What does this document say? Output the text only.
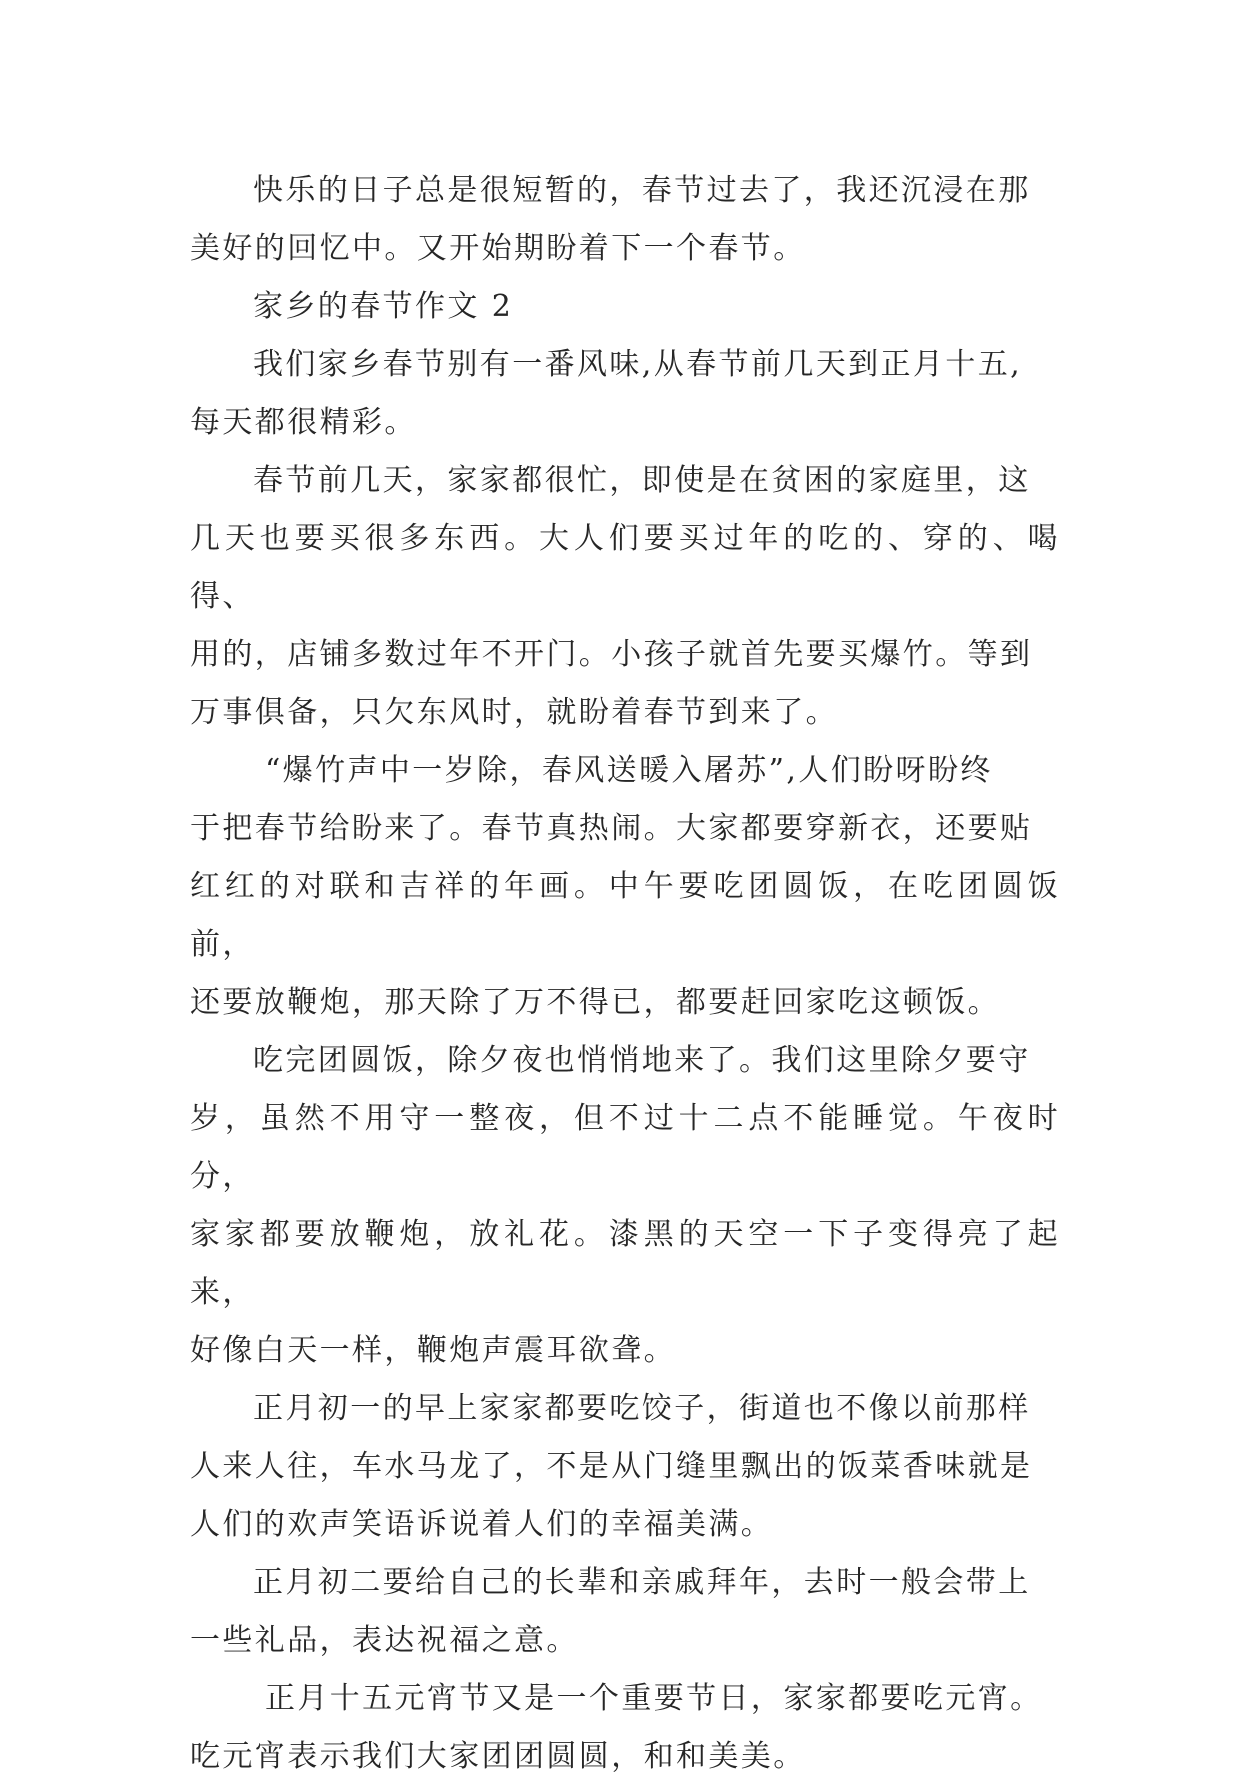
快乐的日子总是很短暂的，春节过去了，我还沉浸在那
美好的回忆中。又开始期盼着下一个春节。

家乡的春节作文 2

我们家乡春节别有一番风味,从春节前几天到正月十五,
每天都很精彩。

春节前几天，家家都很忙，即使是在贫困的家庭里，这
几天也要买很多东西。大人们要买过年的吃的、穿的、喝得、
用的，店铺多数过年不开门。小孩子就首先要买爆竹。等到
万事俱备，只欠东风时，就盼着春节到来了。

“爆竹声中一岁除，春风送暖入屠苏”,人们盼呀盼终
于把春节给盼来了。春节真热闹。大家都要穿新衣，还要贴
红红的对联和吉祥的年画。中午要吃团圆饭，在吃团圆饭前，
还要放鞭炮，那天除了万不得已，都要赶回家吃这顿饭。

吃完团圆饭，除夕夜也悄悄地来了。我们这里除夕要守
岁，虽然不用守一整夜，但不过十二点不能睡觉。午夜时分，
家家都要放鞭炮，放礼花。漆黑的天空一下子变得亮了起来，
好像白天一样，鞭炮声震耳欲聋。

正月初一的早上家家都要吃饺子，街道也不像以前那样
人来人往，车水马龙了，不是从门缝里飘出的饭菜香味就是
人们的欢声笑语诉说着人们的幸福美满。

正月初二要给自己的长辈和亲戚拜年，去时一般会带上
一些礼品，表达祝福之意。

正月十五元宵节又是一个重要节日，家家都要吃元宵。
吃元宵表示我们大家团团圆圆，和和美美。
